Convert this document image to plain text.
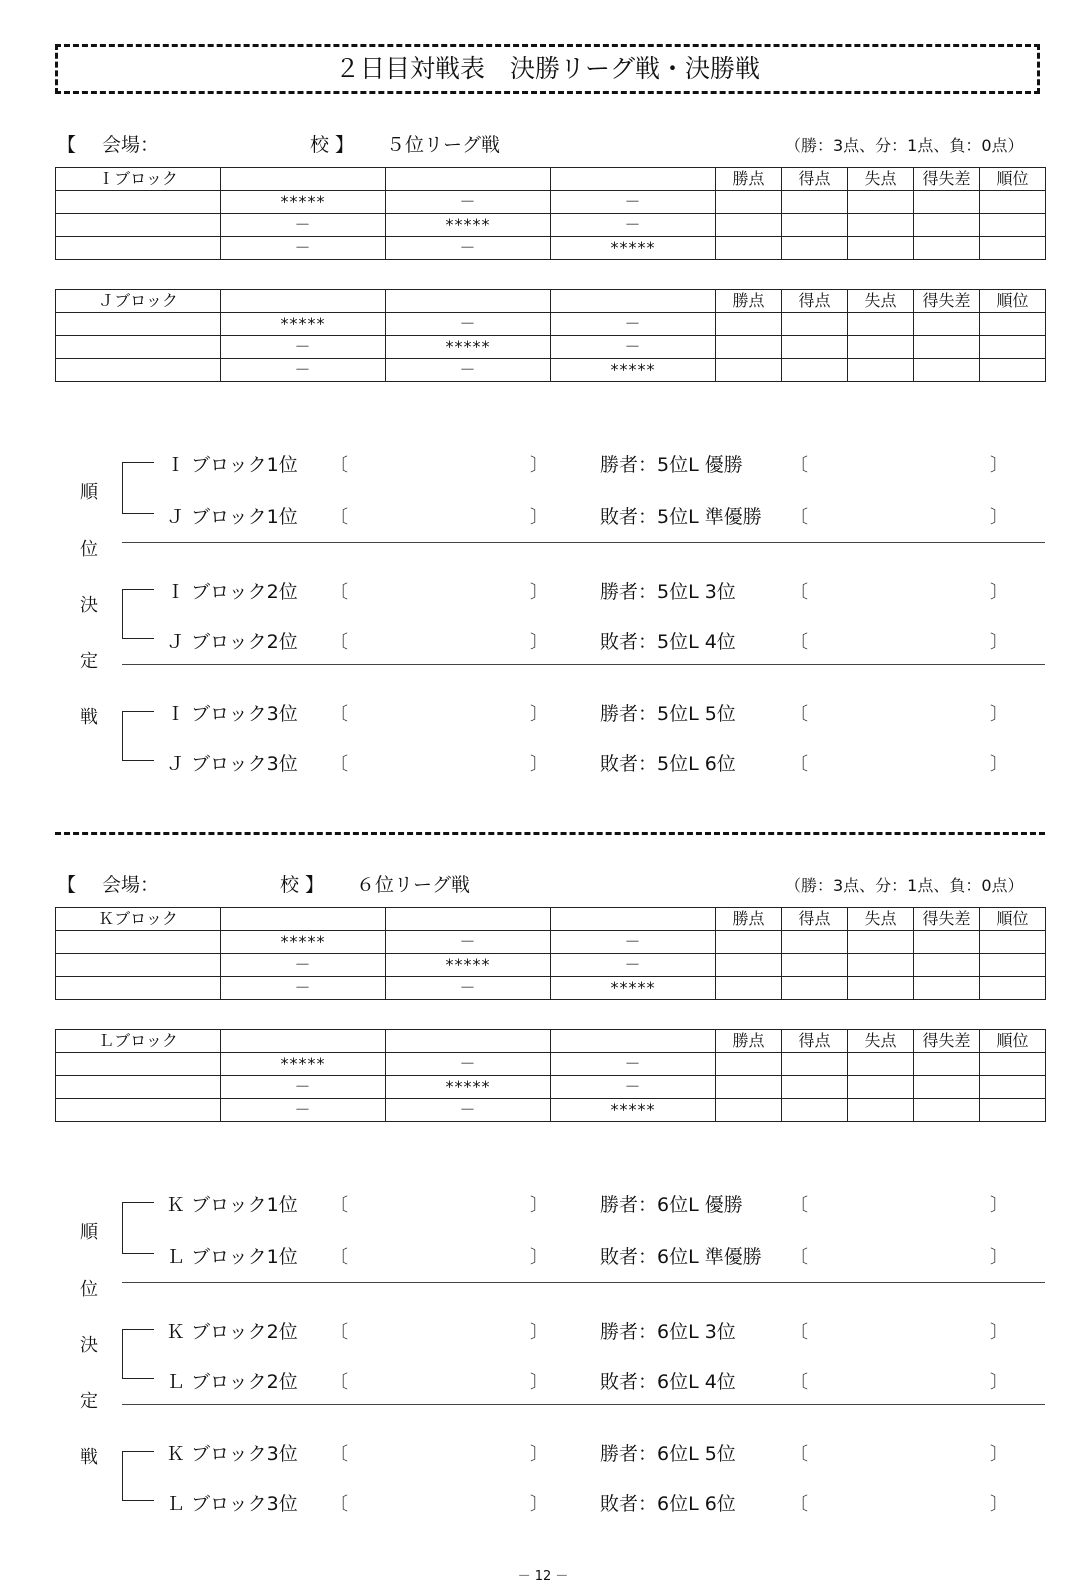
２日目対戦表　決勝リーグ戦・決勝戦
【 会場：	校 】 ５位リーグ戦	（勝：3点、分：1点、負：0点）
Ｉブロック				勝点	得点	失点	得失差	順位
	*****	－	－					
	－	*****	－					
	－	－	*****					
Ｊブロック				勝点	得点	失点	得失差	順位
	*****	－	－					
	－	*****	－					
	－	－	*****					
Ｉ ブロック1位 〔	〕	勝者：5位L 優勝	〔	〕
Ｊ ブロック1位 〔	〕	敗者：5位L 準優勝 〔	〕
Ｉ ブロック2位 〔	〕	勝者：5位L 3位	〔	〕
Ｊ ブロック2位 〔	〕	敗者：5位L 4位	〔	〕
Ｉ ブロック3位 〔	〕	勝者：5位L 5位	〔	〕
Ｊ ブロック3位 〔	〕	敗者：5位L 6位	〔	〕
順
位
決
定
戦
【 会場：	校 】 ６位リーグ戦	（勝：3点、分：1点、負：0点）
Ｋブロック				勝点	得点	失点	得失差	順位
	*****	－	－					
	－	*****	－					
	－	－	*****					
Ｌブロック				勝点	得点	失点	得失差	順位
	*****	－	－					
	－	*****	－					
	－	－	*****					
Ｋ ブロック1位 〔	〕	勝者：6位L 優勝	〔	〕
Ｌ ブロック1位 〔	〕	敗者：6位L 準優勝 〔	〕
Ｋ ブロック2位 〔	〕	勝者：6位L 3位	〔	〕
Ｌ ブロック2位 〔	〕	敗者：6位L 4位	〔	〕
Ｋ ブロック3位 〔	〕	勝者：6位L 5位	〔	〕
Ｌ ブロック3位 〔	〕	敗者：6位L 6位	〔	〕
順
位
決
定
戦
－ 12 －
